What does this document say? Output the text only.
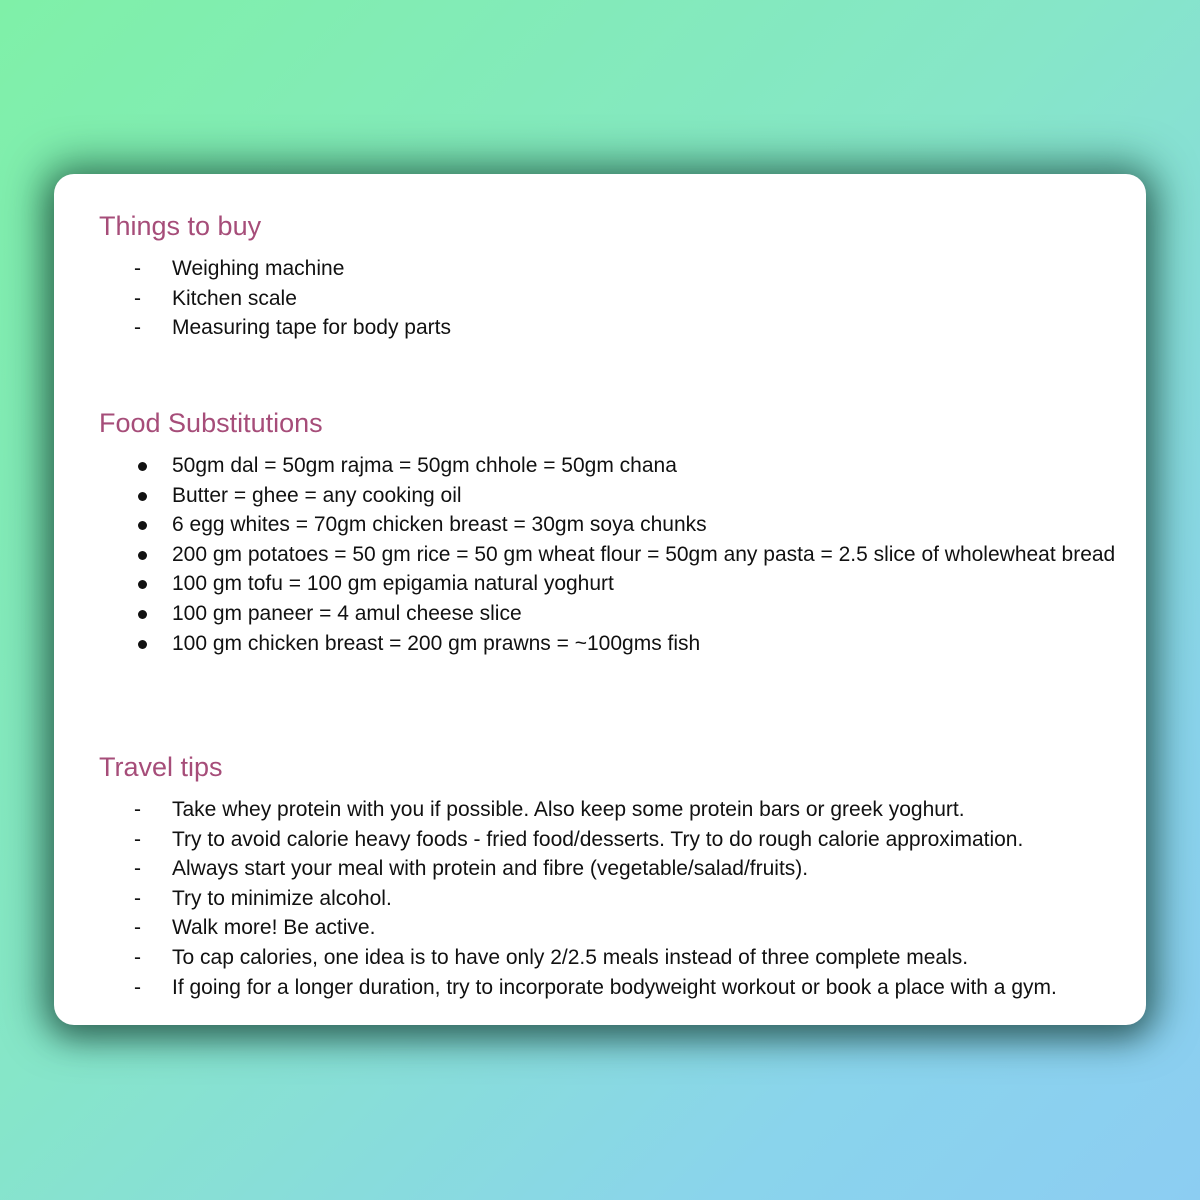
Things to buy
-	Weighing machine
-	Kitchen scale
-	Measuring tape for body parts
Food Substitutions
50gm dal = 50gm rajma = 50gm chhole = 50gm chana
Butter = ghee = any cooking oil
6 egg whites = 70gm chicken breast = 30gm soya chunks
200 gm potatoes = 50 gm rice = 50 gm wheat flour = 50gm any pasta = 2.5 slice of wholewheat bread
100 gm tofu = 100 gm epigamia natural yoghurt
100 gm paneer = 4 amul cheese slice
100 gm chicken breast = 200 gm prawns = ~100gms fish
Travel tips
-	Take whey protein with you if possible. Also keep some protein bars or greek yoghurt.
-	Try to avoid calorie heavy foods - fried food/desserts. Try to do rough calorie approximation.
-	Always start your meal with protein and fibre (vegetable/salad/fruits).
-	Try to minimize alcohol.
-	Walk more! Be active.
-	To cap calories, one idea is to have only 2/2.5 meals instead of three complete meals.
-	If going for a longer duration, try to incorporate bodyweight workout or book a place with a gym.
